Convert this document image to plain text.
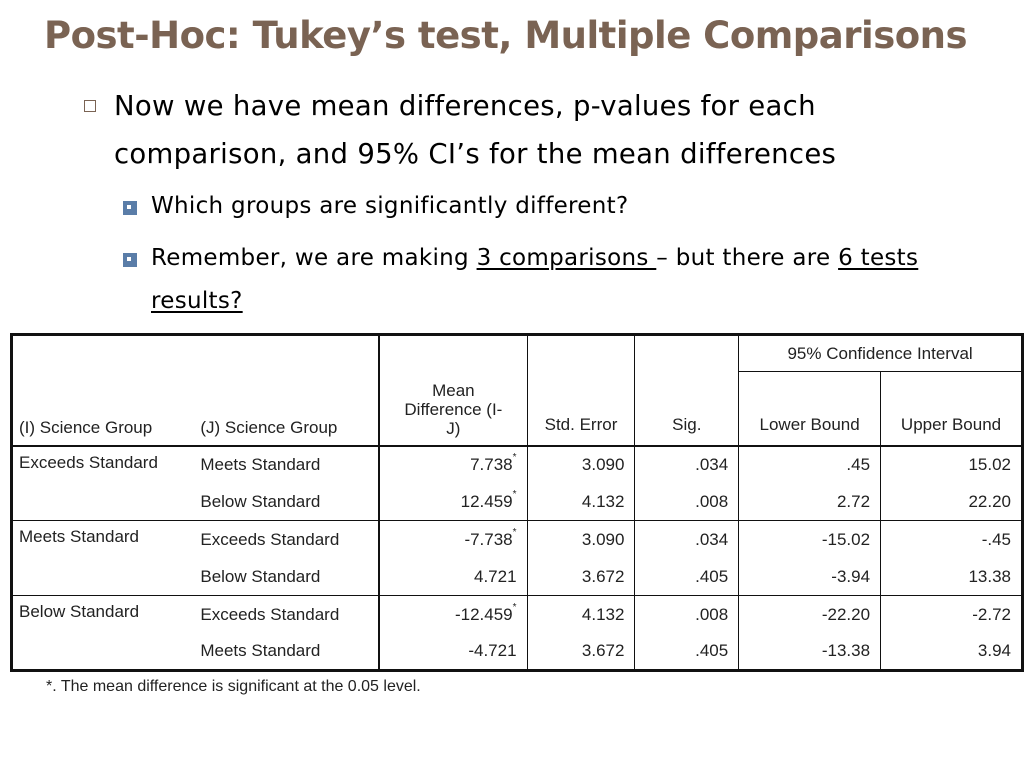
Post-Hoc: Tukey’s test, Multiple Comparisons
Now we have mean differences, p-values for each comparison, and 95% CI’s for the mean differences
Which groups are significantly different?
Remember, we are making 3 comparisons – but there are 6 tests results?
(I) Science Group	(J) Science Group	Mean Difference (I-J)	Std. Error	Sig.	95% Confidence Interval	
					Lower Bound	Upper Bound
Exceeds Standard	Meets Standard	7.738*	3.090	.034	.45	15.02
	Below Standard	12.459*	4.132	.008	2.72	22.20
Meets Standard	Exceeds Standard	-7.738*	3.090	.034	-15.02	-.45
	Below Standard	4.721	3.672	.405	-3.94	13.38
Below Standard	Exceeds Standard	-12.459*	4.132	.008	-22.20	-2.72
	Meets Standard	-4.721	3.672	.405	-13.38	3.94
*. The mean difference is significant at the 0.05 level.
